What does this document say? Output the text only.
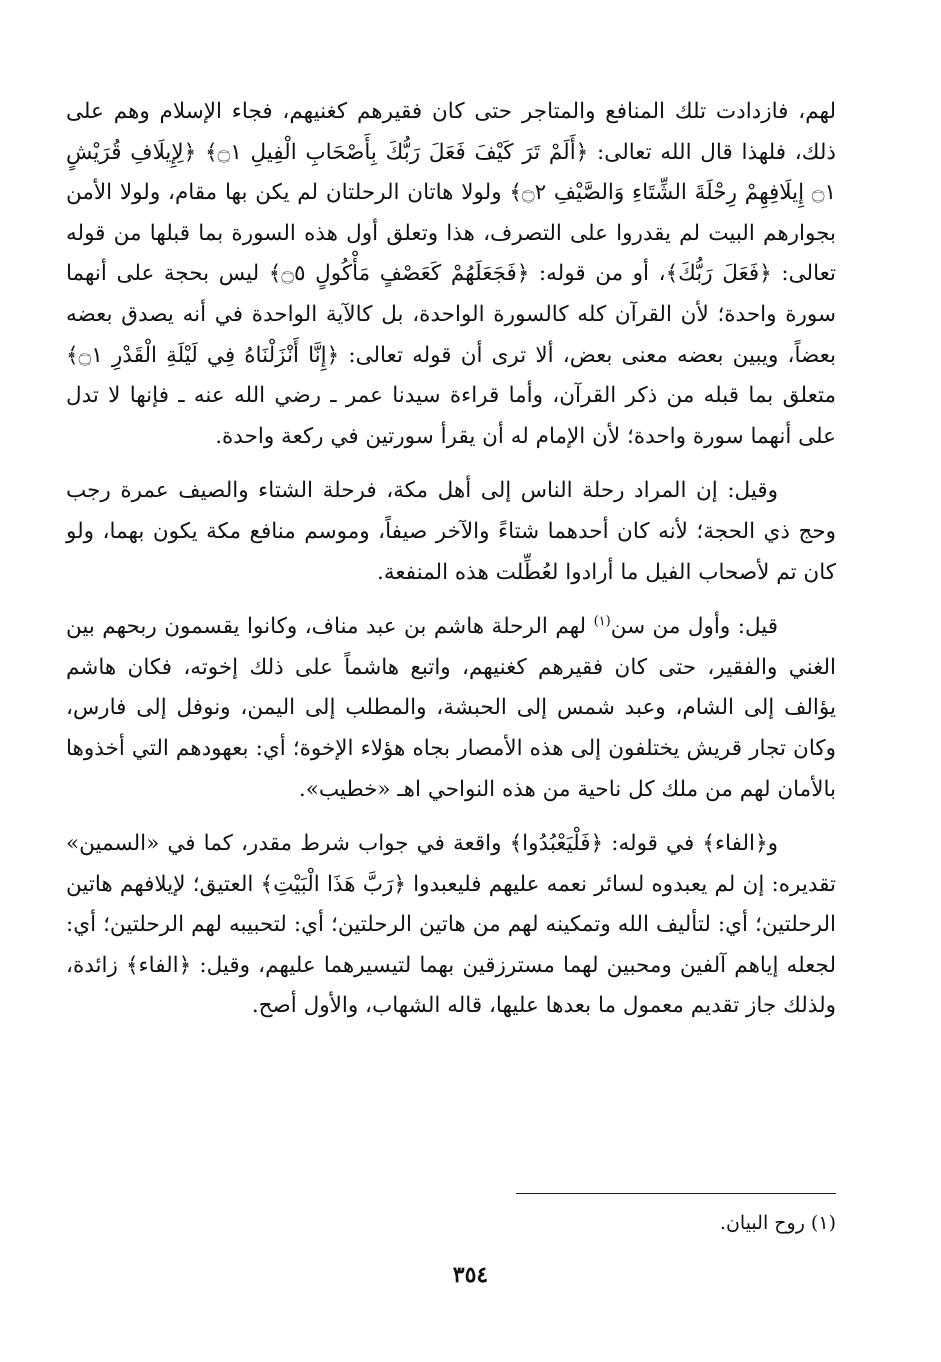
لهم، فازدادت تلك المنافع والمتاجر حتى كان فقيرهم كغنيهم، فجاء الإسلام وهم على ذلك، فلهذا قال الله تعالى: ﴿أَلَمْ تَرَ كَيْفَ فَعَلَ رَبُّكَ بِأَصْحَابِ الْفِيلِ ۝١﴾ ﴿لِإِيلَافِ قُرَيْشٍ ۝١ إِيلَافِهِمْ رِحْلَةَ الشِّتَاءِ وَالصَّيْفِ ۝٢﴾ ولولا هاتان الرحلتان لم يكن بها مقام، ولولا الأمن بجوارهم البيت لم يقدروا على التصرف، هذا وتعلق أول هذه السورة بما قبلها من قوله تعالى: ﴿فَعَلَ رَبُّكَ﴾، أو من قوله: ﴿فَجَعَلَهُمْ كَعَصْفٍ مَأْكُولٍ ۝٥﴾ ليس بحجة على أنهما سورة واحدة؛ لأن القرآن كله كالسورة الواحدة، بل كالآية الواحدة في أنه يصدق بعضه بعضاً، ويبين بعضه معنى بعض، ألا ترى أن قوله تعالى: ﴿إِنَّا أَنْزَلْنَاهُ فِي لَيْلَةِ الْقَدْرِ ۝١﴾ متعلق بما قبله من ذكر القرآن، وأما قراءة سيدنا عمر ـ رضي الله عنه ـ فإنها لا تدل على أنهما سورة واحدة؛ لأن الإمام له أن يقرأ سورتين في ركعة واحدة.

وقيل: إن المراد رحلة الناس إلى أهل مكة، فرحلة الشتاء والصيف عمرة رجب وحج ذي الحجة؛ لأنه كان أحدهما شتاءً والآخر صيفاً، وموسم منافع مكة يكون بهما، ولو كان تم لأصحاب الفيل ما أرادوا لعُطِّلت هذه المنفعة.

قيل: وأول من سن$^{(١)}$ لهم الرحلة هاشم بن عبد مناف، وكانوا يقسمون ربحهم بين الغني والفقير، حتى كان فقيرهم كغنيهم، واتبع هاشماً على ذلك إخوته، فكان هاشم يؤالف إلى الشام، وعبد شمس إلى الحبشة، والمطلب إلى اليمن، ونوفل إلى فارس، وكان تجار قريش يختلفون إلى هذه الأمصار بجاه هؤلاء الإخوة؛ أي: بعهودهم التي أخذوها بالأمان لهم من ملك كل ناحية من هذه النواحي اهـ «خطيب».

و﴿الفاء﴾ في قوله: ﴿فَلْيَعْبُدُوا﴾ واقعة في جواب شرط مقدر، كما في «السمين» تقديره: إن لم يعبدوه لسائر نعمه عليهم فليعبدوا ﴿رَبَّ هَذَا الْبَيْتِ﴾ العتيق؛ لإيلافهم هاتين الرحلتين؛ أي: لتأليف الله وتمكينه لهم من هاتين الرحلتين؛ أي: لتحبيبه لهم الرحلتين؛ أي: لجعله إياهم آلفين ومحبين لهما مسترزقين بهما لتيسيرهما عليهم، وقيل: ﴿الفاء﴾ زائدة، ولذلك جاز تقديم معمول ما بعدها عليها، قاله الشهاب، والأول أصح.

(١) روح البيان.
٣٥٤
